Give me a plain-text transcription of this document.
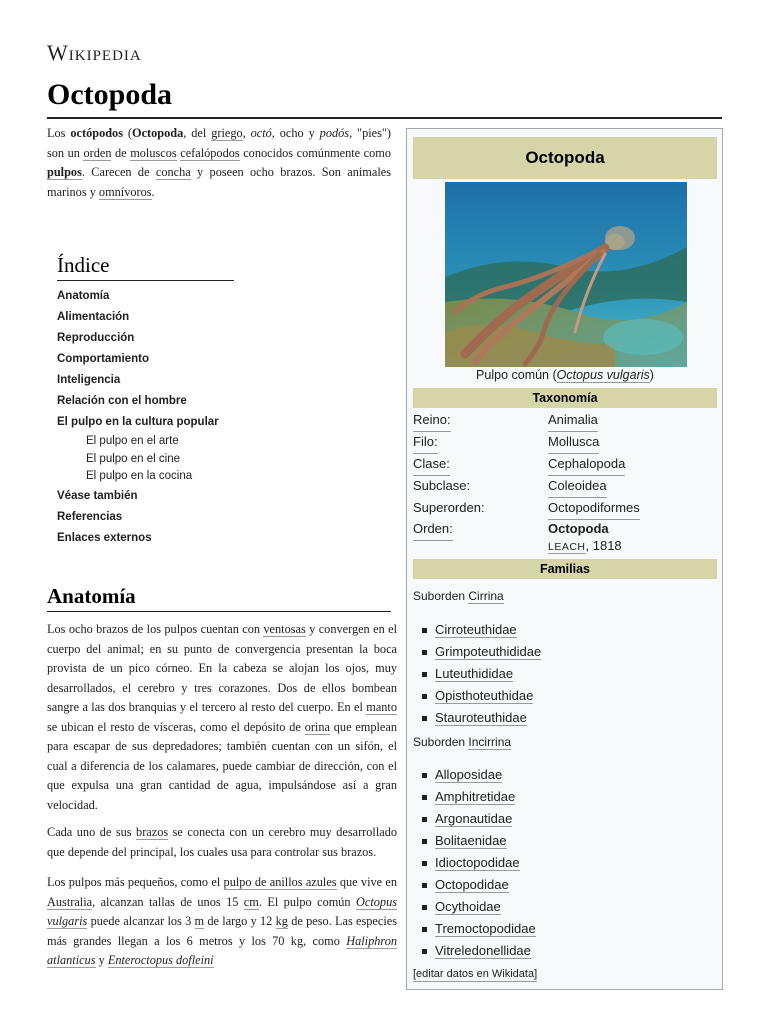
Wikipedia
Octopoda

Los octópodos (Octopoda, del griego, octó, ocho y podós, "pies") son un orden de moluscos cefalópodos conocidos comúnmente como pulpos. Carecen de concha y poseen ocho brazos. Son animales marinos y omnívoros.

Índice
Anatomía
Alimentación
Reproducción
Comportamiento
Inteligencia
Relación con el hombre
El pulpo en la cultura popular
El pulpo en el arte
El pulpo en el cine
El pulpo en la cocina
Véase también
Referencias
Enlaces externos
Anatomía

Los ocho brazos de los pulpos cuentan con ventosas y convergen en el cuerpo del animal; en su punto de convergencia presentan la boca provista de un pico córneo. En la cabeza se alojan los ojos, muy desarrollados, el cerebro y tres corazones. Dos de ellos bombean sangre a las dos branquias y el tercero al resto del cuerpo. En el manto se ubican el resto de vísceras, como el depósito de orina que emplean para escapar de sus depredadores; también cuentan con un sifón, el cual a diferencia de los calamares, puede cambiar de dirección, con el que expulsa una gran cantidad de agua, impulsándose así a gran velocidad.

Cada uno de sus brazos se conecta con un cerebro muy desarrollado que depende del principal, los cuales usa para controlar sus brazos.

Los pulpos más pequeños, como el pulpo de anillos azules que vive en Australia, alcanzan tallas de unos 15 cm. El pulpo común Octopus vulgaris puede alcanzar los 3 m de largo y 12 kg de peso. Las especies más grandes llegan a los 6 metros y los 70 kg, como Haliphron atlanticus y Enteroctopus dofleini

Octopoda
Pulpo común (Octopus vulgaris)
Taxonomía
Reino:	Animalia
Filo:	Mollusca
Clase:	Cephalopoda
Subclase:	Coleoidea
Superorden:	Octopodiformes
Orden:	Octopoda
LEACH, 1818
Familias
Suborden Cirrina
Cirroteuthidae
Grimpoteuthididae
Luteuthididae
Opisthoteuthidae
Stauroteuthidae
Suborden Incirrina
Alloposidae
Amphitretidae
Argonautidae
Bolitaenidae
Idioctopodidae
Octopodidae
Ocythoidae
Tremoctopodidae
Vitreledonellidae
[editar datos en Wikidata]
